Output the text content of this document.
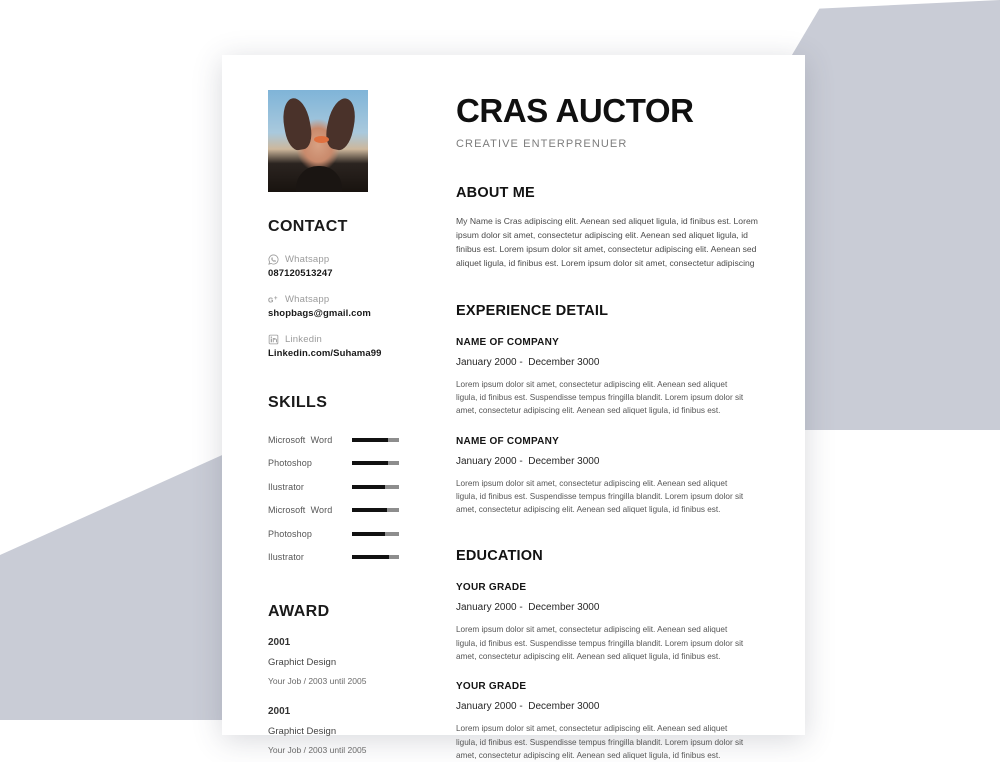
CONTACT
Whatsapp
087120513247
G + Whatsapp
shopbags@gmail.com
Linkedin
Linkedin.com/Suhama99
SKILLS
Microsoft  Word
Photoshop
Ilustrator
Microsoft  Word
Photoshop
Ilustrator
AWARD
2001
Graphict Design
Your Job / 2003 until 2005
2001
Graphict Design
Your Job / 2003 until 2005
CRAS AUCTOR
CREATIVE ENTERPRENUER
ABOUT ME
My Name is Cras adipiscing elit. Aenean sed aliquet ligula, id finibus est. Lorem ipsum dolor sit amet, consectetur adipiscing elit. Aenean sed aliquet ligula, id finibus est. Lorem ipsum dolor sit amet, consectetur adipiscing elit. Aenean sed aliquet ligula, id finibus est. Lorem ipsum dolor sit amet, consectetur adipiscing
EXPERIENCE DETAIL
NAME OF COMPANY
January 2000 -  December 3000
Lorem ipsum dolor sit amet, consectetur adipiscing elit. Aenean sed aliquet ligula, id finibus est. Suspendisse tempus fringilla blandit. Lorem ipsum dolor sit amet, consectetur adipiscing elit. Aenean sed aliquet ligula, id finibus est.
NAME OF COMPANY
January 2000 -  December 3000
Lorem ipsum dolor sit amet, consectetur adipiscing elit. Aenean sed aliquet ligula, id finibus est. Suspendisse tempus fringilla blandit. Lorem ipsum dolor sit amet, consectetur adipiscing elit. Aenean sed aliquet ligula, id finibus est.
EDUCATION
YOUR GRADE
January 2000 -  December 3000
Lorem ipsum dolor sit amet, consectetur adipiscing elit. Aenean sed aliquet ligula, id finibus est. Suspendisse tempus fringilla blandit. Lorem ipsum dolor sit amet, consectetur adipiscing elit. Aenean sed aliquet ligula, id finibus est.
YOUR GRADE
January 2000 -  December 3000
Lorem ipsum dolor sit amet, consectetur adipiscing elit. Aenean sed aliquet ligula, id finibus est. Suspendisse tempus fringilla blandit. Lorem ipsum dolor sit amet, consectetur adipiscing elit. Aenean sed aliquet ligula, id finibus est.
